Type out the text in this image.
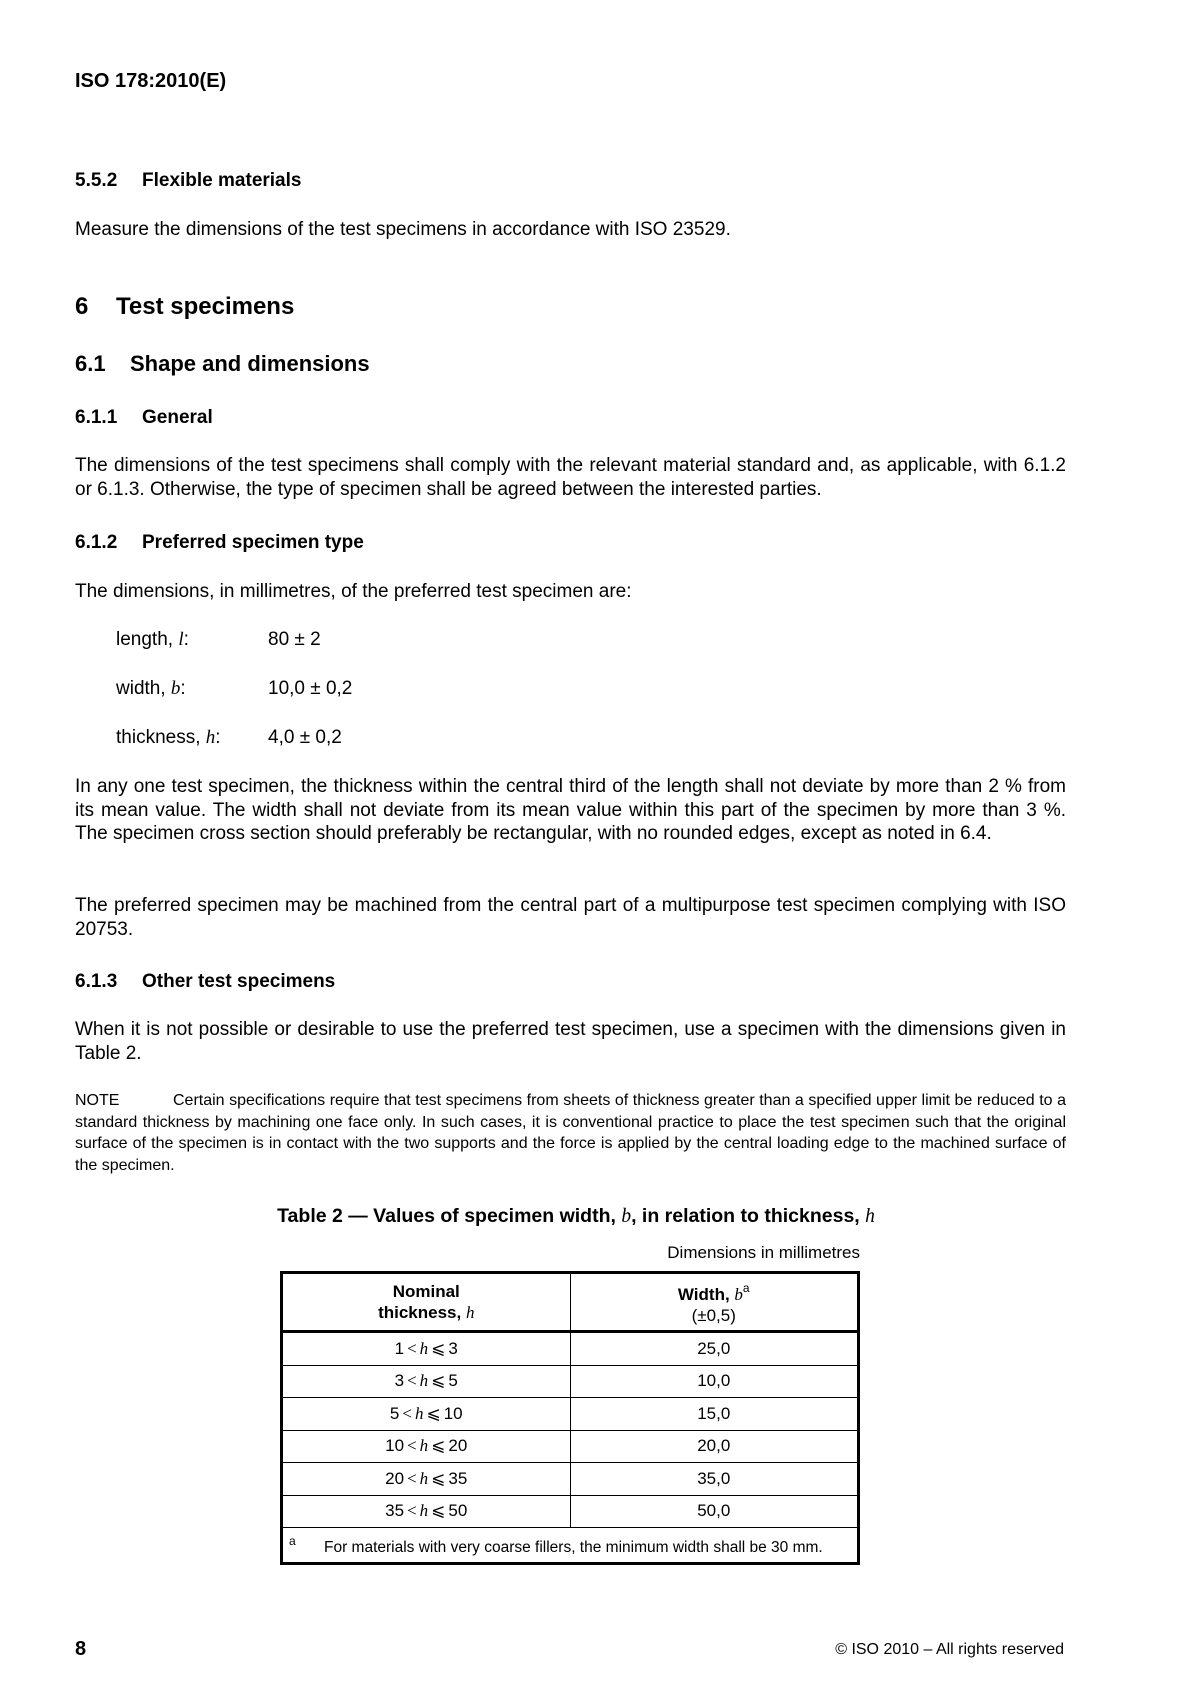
ISO 178:2010(E)
5.5.2 Flexible materials
Measure the dimensions of the test specimens in accordance with ISO 23529.
6 Test specimens
6.1 Shape and dimensions
6.1.1 General
The dimensions of the test specimens shall comply with the relevant material standard and, as applicable, with 6.1.2 or 6.1.3. Otherwise, the type of specimen shall be agreed between the interested parties.
6.1.2 Preferred specimen type
The dimensions, in millimetres, of the preferred test specimen are:
length, l:	80 ± 2
width, b:	10,0 ± 0,2
thickness, h: 4,0 ± 0,2
In any one test specimen, the thickness within the central third of the length shall not deviate by more than 2 % from its mean value. The width shall not deviate from its mean value within this part of the specimen by more than 3 %. The specimen cross section should preferably be rectangular, with no rounded edges, except as noted in 6.4.
The preferred specimen may be machined from the central part of a multipurpose test specimen complying with ISO 20753.
6.1.3 Other test specimens
When it is not possible or desirable to use the preferred test specimen, use a specimen with the dimensions given in Table 2.
NOTE	Certain specifications require that test specimens from sheets of thickness greater than a specified upper limit be reduced to a standard thickness by machining one face only. In such cases, it is conventional practice to place the test specimen such that the original surface of the specimen is in contact with the two supports and the force is applied by the central loading edge to the machined surface of the specimen.
Table 2 — Values of specimen width, b, in relation to thickness, h
Dimensions in millimetres
Nominal
thickness, h	Width, $b^a$
(±0,5)

1 < h ⩽ 3	25,0
3 < h ⩽ 5	10,0
5 < h ⩽ 10	15,0
10 < h ⩽ 20	20,0
20 < h ⩽ 35	35,0
35 < h ⩽ 50	50,0
a For materials with very coarse fillers, the minimum width shall be 30 mm.	
8	© ISO 2010 – All rights reserved
